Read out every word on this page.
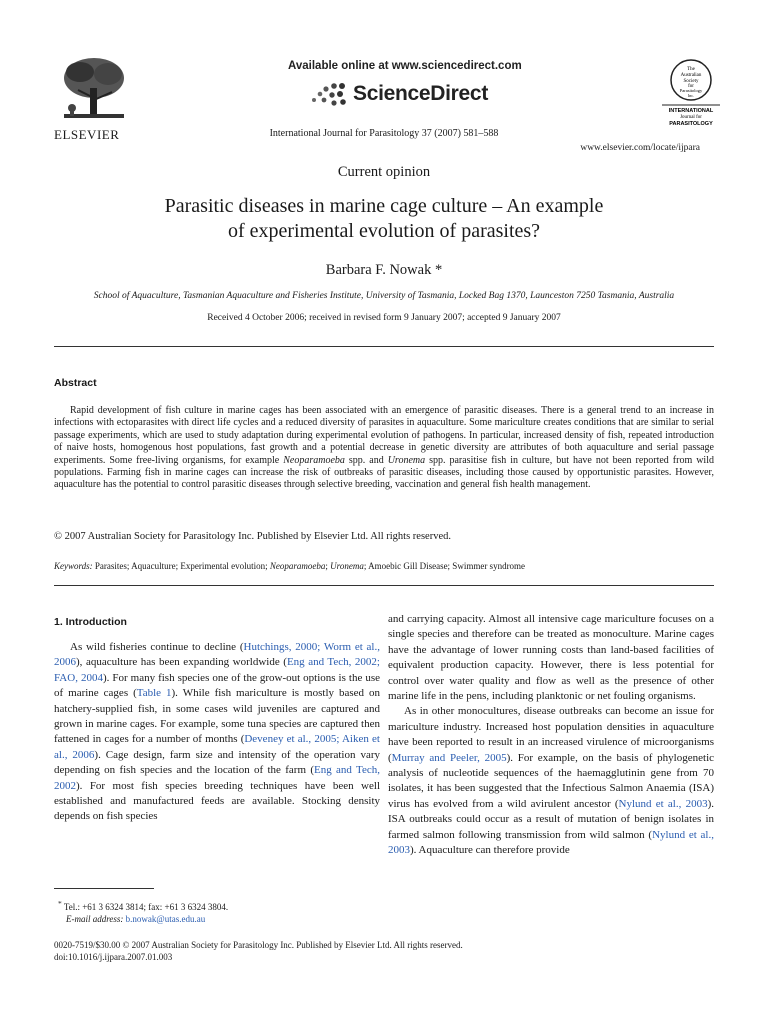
ELSEVIER
Available online at www.sciencedirect.com
ScienceDirect
The
Australian
Society
for
Parasitology
Inc.
INTERNATIONAL
Journal for
PARASITOLOGY
International Journal for Parasitology 37 (2007) 581–588
www.elsevier.com/locate/ijpara
Current opinion
Parasitic diseases in marine cage culture – An example
of experimental evolution of parasites?
Barbara F. Nowak *
School of Aquaculture, Tasmanian Aquaculture and Fisheries Institute, University of Tasmania, Locked Bag 1370, Launceston 7250 Tasmania, Australia
Received 4 October 2006; received in revised form 9 January 2007; accepted 9 January 2007
Abstract

Rapid development of fish culture in marine cages has been associated with an emergence of parasitic diseases. There is a general trend to an increase in infections with ectoparasites with direct life cycles and a reduced diversity of parasites in aquaculture. Some mariculture creates conditions that are similar to serial passage experiments, which are used to study adaptation during experimental evolution of pathogens. In particular, increased density of fish, repeated introduction of naive hosts, homogenous host populations, fast growth and a potential decrease in genetic diversity are attributes of both aquaculture and serial passage experiments. Some free-living organisms, for example Neoparamoeba spp. and Uronema spp. parasitise fish in culture, but have not been reported from wild populations. Farming fish in marine cages can increase the risk of outbreaks of parasitic diseases, including those caused by opportunistic parasites. However, aquaculture has the potential to control parasitic diseases through selective breeding, vaccination and general fish health management.

© 2007 Australian Society for Parasitology Inc. Published by Elsevier Ltd. All rights reserved.
Keywords: Parasites; Aquaculture; Experimental evolution; Neoparamoeba; Uronema; Amoebic Gill Disease; Swimmer syndrome
1. Introduction

As wild fisheries continue to decline (Hutchings, 2000; Worm et al., 2006), aquaculture has been expanding worldwide (Eng and Tech, 2002; FAO, 2004). For many fish species one of the grow-out options is the use of marine cages (Table 1). While fish mariculture is mostly based on hatchery-supplied fish, in some cases wild juveniles are captured and grown in marine cages. For example, some tuna species are captured then fattened in cages for a number of months (Deveney et al., 2005; Aiken et al., 2006). Cage design, farm size and intensity of the operation vary depending on fish species and the location of the farm (Eng and Tech, 2002). For most fish species breeding techniques have been well established and manufactured feeds are available. Stocking density depends on fish species

and carrying capacity. Almost all intensive cage mariculture focuses on a single species and therefore can be treated as monoculture. Marine cages have the advantage of lower running costs than land-based facilities of equivalent production capacity. However, there is less potential for control over water quality and flow as well as the presence of other marine life in the pens, including planktonic or net fouling organisms.

As in other monocultures, disease outbreaks can become an issue for mariculture industry. Increased host population densities in aquaculture have been reported to result in an increased virulence of microorganisms (Murray and Peeler, 2005). For example, on the basis of phylogenetic analysis of nucleotide sequences of the haemagglutinin gene from 70 isolates, it has been suggested that the Infectious Salmon Anaemia (ISA) virus has evolved from a wild avirulent ancestor (Nylund et al., 2003). ISA outbreaks could occur as a result of mutation of benign isolates in farmed salmon following transmission from wild salmon (Nylund et al., 2003). Aquaculture can therefore provide

* Tel.: +61 3 6324 3814; fax: +61 3 6324 3804.
E-mail address: b.nowak@utas.edu.au
0020-7519/$30.00 © 2007 Australian Society for Parasitology Inc. Published by Elsevier Ltd. All rights reserved.
doi:10.1016/j.ijpara.2007.01.003
